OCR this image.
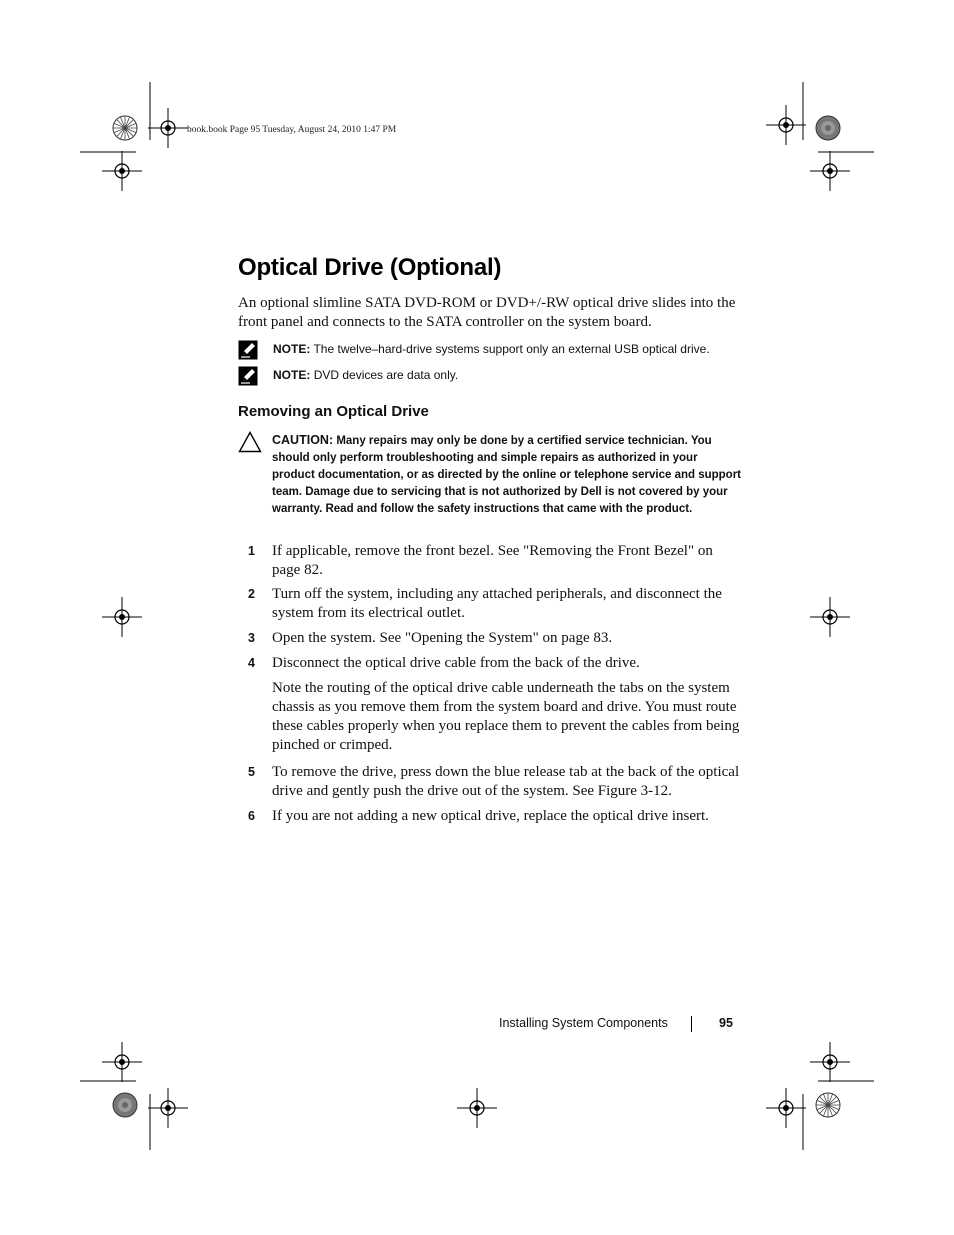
book.book Page 95 Tuesday, August 24, 2010 1:47 PM
Optical Drive (Optional)

An optional slimline SATA DVD-ROM or DVD+/-RW optical drive slides into the front panel and connects to the SATA controller on the system board.

NOTE: The twelve–hard-drive systems support only an external USB optical drive.
NOTE: DVD devices are data only.
Removing an Optical Drive
CAUTION: Many repairs may only be done by a certified service technician. You should only perform troubleshooting and simple repairs as authorized in your product documentation, or as directed by the online or telephone service and support team. Damage due to servicing that is not authorized by Dell is not covered by your warranty. Read and follow the safety instructions that came with the product.
1 If applicable, remove the front bezel. See "Removing the Front Bezel" on page 82.
2 Turn off the system, including any attached peripherals, and disconnect the system from its electrical outlet.
3 Open the system. See "Opening the System" on page 83.
4 Disconnect the optical drive cable from the back of the drive.
Note the routing of the optical drive cable underneath the tabs on the system chassis as you remove them from the system board and drive. You must route these cables properly when you replace them to prevent the cables from being pinched or crimped.
5 To remove the drive, press down the blue release tab at the back of the optical drive and gently push the drive out of the system. See Figure 3-12.
6 If you are not adding a new optical drive, replace the optical drive insert.
Installing System Components	95
